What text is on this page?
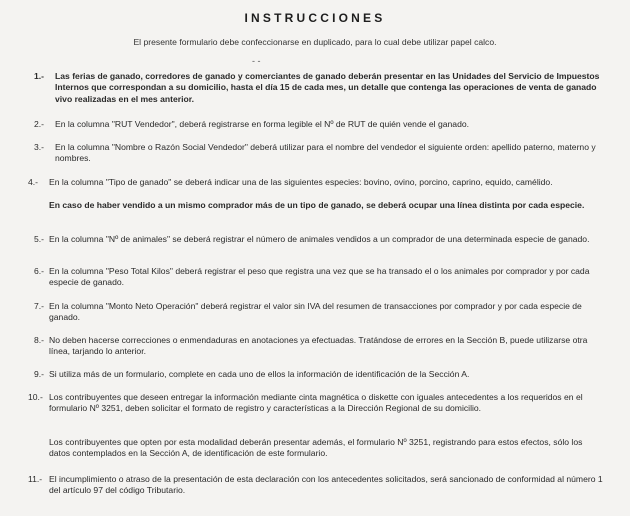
INSTRUCCIONES
El presente formulario debe confeccionarse en duplicado, para lo cual debe utilizar papel calco.
- -
1.- Las ferias de ganado, corredores de ganado y comerciantes de ganado deberán presentar en las Unidades del Servicio de Impuestos Internos que correspondan a su domicilio, hasta el día 15 de cada mes, un detalle que contenga las operaciones de venta de ganado vivo realizadas en el mes anterior.
2.- En la columna "RUT Vendedor", deberá registrarse en forma legible el Nº de RUT de quién vende el ganado.
3.- En la columna "Nombre o Razón Social Vendedor" deberá utilizar para el nombre del vendedor el siguiente orden: apellido paterno, materno y nombres.
4.- En la columna "Tipo de ganado" se deberá indicar una de las siguientes especies: bovino, ovino, porcino, caprino, equido, camélido.
En caso de haber vendido a un mismo comprador más de un tipo de ganado, se deberá ocupar una línea distinta por cada especie.
5.- En la columna "Nº de animales" se deberá registrar el número de animales vendidos a un comprador de una determinada especie de ganado.
6.- En la columna "Peso Total Kilos" deberá registrar el peso que registra una vez que se ha transado el o los animales por comprador y por cada especie de ganado.
7.- En la columna "Monto Neto Operación" deberá registrar el valor sin IVA del resumen de transacciones por comprador y por cada especie de ganado.
8.- No deben hacerse correcciones o enmendaduras en anotaciones ya efectuadas. Tratándose de errores en la Sección B, puede utilizarse otra línea, tarjando lo anterior.
9.- Si utiliza más de un formulario, complete en cada uno de ellos la información de identificación de la Sección A.
10.- Los contribuyentes que deseen entregar la información mediante cinta magnética o diskette con iguales antecedentes a los requeridos en el formulario Nº 3251, deben solicitar el formato de registro y características a la Dirección Regional de su domicilio.
Los contribuyentes que opten por esta modalidad deberán presentar además, el formulario Nº 3251, registrando para estos efectos, sólo los datos contemplados en la Sección A, de identificación de este formulario.
11.- El incumplimiento o atraso de la presentación de esta declaración con los antecedentes solicitados, será sancionado de conformidad al número 1 del artículo 97 del código Tributario.
